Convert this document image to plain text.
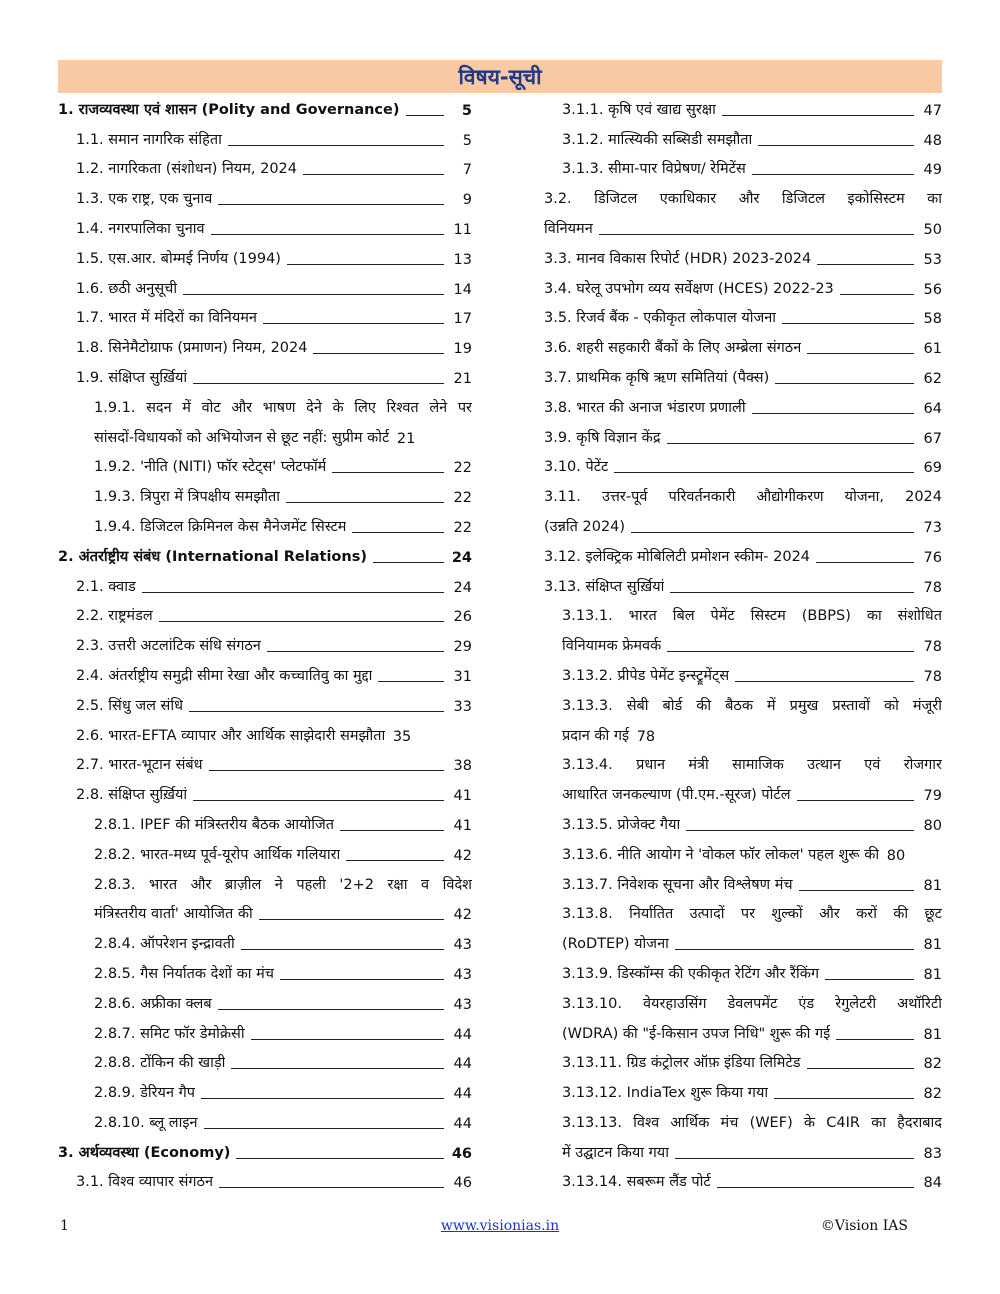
विषय-सूची
1. राजव्यवस्था एवं शासन (Polity and Governance)	5
1.1. समान नागरिक संहिता	5
1.2. नागरिकता (संशोधन) नियम, 2024	7
1.3. एक राष्ट्र, एक चुनाव	9
1.4. नगरपालिका चुनाव	11
1.5. एस.आर. बोम्मई निर्णय (1994)	13
1.6. छठी अनुसूची	14
1.7. भारत में मंदिरों का विनियमन	17
1.8. सिनेमैटोग्राफ (प्रमाणन) नियम, 2024	19
1.9. संक्षिप्त सुर्ख़ियां	21
1.9.1. सदन में वोट और भाषण देने के लिए रिश्वत लेने पर
सांसदों-विधायकों को अभियोजन से छूट नहीं: सुप्रीम कोर्ट 21
1.9.2. 'नीति (NITI) फॉर स्टेट्स' प्लेटफॉर्म	22
1.9.3. त्रिपुरा में त्रिपक्षीय समझौता	22
1.9.4. डिजिटल क्रिमिनल केस मैनेजमेंट सिस्टम	22
2. अंतर्राष्ट्रीय संबंध (International Relations)	24
2.1. क्वाड	24
2.2. राष्ट्रमंडल	26
2.3. उत्तरी अटलांटिक संधि संगठन	29
2.4. अंतर्राष्ट्रीय समुद्री सीमा रेखा और कच्चातिवु का मुद्दा	31
2.5. सिंधु जल संधि	33
2.6. भारत-EFTA व्यापार और आर्थिक साझेदारी समझौता 35
2.7. भारत-भूटान संबंध	38
2.8. संक्षिप्त सुर्ख़ियां	41
2.8.1. IPEF की मंत्रिस्तरीय बैठक आयोजित	41
2.8.2. भारत-मध्य पूर्व-यूरोप आर्थिक गलियारा	42
2.8.3. भारत और ब्राज़ील ने पहली '2+2 रक्षा व विदेश
मंत्रिस्तरीय वार्ता' आयोजित की	42
2.8.4. ऑपरेशन इन्द्रावती	43
2.8.5. गैस निर्यातक देशों का मंच	43
2.8.6. अफ्रीका क्लब	43
2.8.7. समिट फॉर डेमोक्रेसी	44
2.8.8. टोंकिन की खाड़ी	44
2.8.9. डेरियन गैप	44
2.8.10. ब्लू लाइन	44
3. अर्थव्यवस्था (Economy)	46
3.1. विश्व व्यापार संगठन	46
3.1.1. कृषि एवं खाद्य सुरक्षा	47
3.1.2. मात्स्यिकी सब्सिडी समझौता	48
3.1.3. सीमा-पार विप्रेषण/ रेमिटेंस	49
3.2. डिजिटल एकाधिकार और डिजिटल इकोसिस्टम का
विनियमन	50
3.3. मानव विकास रिपोर्ट (HDR) 2023-2024	53
3.4. घरेलू उपभोग व्यय सर्वेक्षण (HCES) 2022-23	56
3.5. रिजर्व बैंक - एकीकृत लोकपाल योजना	58
3.6. शहरी सहकारी बैंकों के लिए अम्ब्रेला संगठन	61
3.7. प्राथमिक कृषि ऋण समितियां (पैक्स)	62
3.8. भारत की अनाज भंडारण प्रणाली	64
3.9. कृषि विज्ञान केंद्र	67
3.10. पेटेंट	69
3.11. उत्तर-पूर्व परिवर्तनकारी औद्योगीकरण योजना, 2024
(उन्नति 2024)	73
3.12. इलेक्ट्रिक मोबिलिटी प्रमोशन स्कीम- 2024	76
3.13. संक्षिप्त सुर्ख़ियां	78
3.13.1. भारत बिल पेमेंट सिस्टम (BBPS) का संशोधित
विनियामक फ्रेमवर्क	78
3.13.2. प्रीपेड पेमेंट इन्स्ट्रूमेंट्स	78
3.13.3. सेबी बोर्ड की बैठक में प्रमुख प्रस्तावों को मंजूरी
प्रदान की गई 78
3.13.4. प्रधान मंत्री सामाजिक उत्थान एवं रोजगार
आधारित जनकल्याण (पी.एम.-सूरज) पोर्टल	79
3.13.5. प्रोजेक्ट गैया	80
3.13.6. नीति आयोग ने 'वोकल फॉर लोकल' पहल शुरू की 80
3.13.7. निवेशक सूचना और विश्लेषण मंच	81
3.13.8. निर्यातित उत्पादों पर शुल्कों और करों की छूट
(RoDTEP) योजना	81
3.13.9. डिस्कॉम्स की एकीकृत रेटिंग और रैंकिंग	81
3.13.10. वेयरहाउसिंग डेवलपमेंट एंड रेगुलेटरी अथॉरिटी
(WDRA) की "ई-किसान उपज निधि" शुरू की गई	81
3.13.11. ग्रिड कंट्रोलर ऑफ़ इंडिया लिमिटेड	82
3.13.12. IndiaTex शुरू किया गया	82
3.13.13. विश्व आर्थिक मंच (WEF) के C4IR का हैदराबाद
में उद्घाटन किया गया	83
3.13.14. सबरूम लैंड पोर्ट	84
1	www.visionias.in	©Vision IAS
